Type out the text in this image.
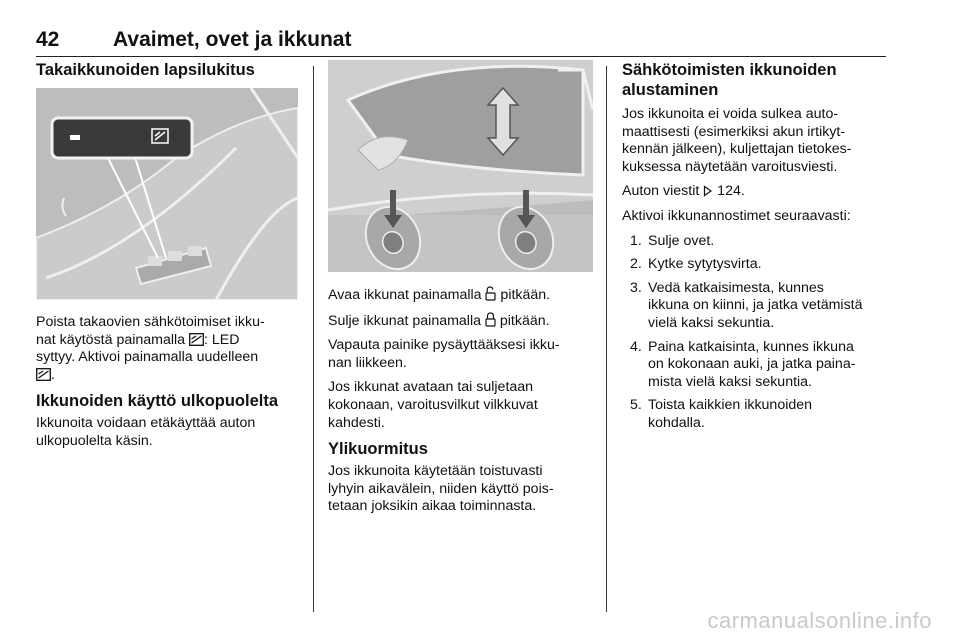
42	Avaimet, ovet ja ikkunat
Takaikkunoiden lapsilukitus

Poista takaovien sähkötoimiset ikku-
nat käytöstä painamalla : LED
syttyy. Aktivoi painamalla uudelleen
.

Ikkunoiden käyttö ulkopuolelta

Ikkunoita voidaan etäkäyttää auton
ulkopuolelta käsin.

Avaa ikkunat painamalla  pitkään.

Sulje ikkunat painamalla  pitkään.

Vapauta painike pysäyttääksesi ikku-
nan liikkeen.

Jos ikkunat avataan tai suljetaan
kokonaan, varoitusvilkut vilkkuvat
kahdesti.

Ylikuormitus

Jos ikkunoita käytetään toistuvasti
lyhyin aikavälein, niiden käyttö pois-
tetaan joksikin aikaa toiminnasta.

Sähkötoimisten ikkunoiden
alustaminen

Jos ikkunoita ei voida sulkea auto-
maattisesti (esimerkiksi akun irtikyt-
kennän jälkeen), kuljettajan tietokes-
kuksessa näytetään varoitusviesti.

Auton viestit  124.

Aktivoi ikkunannostimet seuraavasti:

1. Sulje ovet.
2. Kytke sytytysvirta.
3. Vedä katkaisimesta, kunnes
ikkuna on kiinni, ja jatka vetämistä
vielä kaksi sekuntia.
4. Paina katkaisinta, kunnes ikkuna
on kokonaan auki, ja jatka paina-
mista vielä kaksi sekuntia.
5. Toista kaikkien ikkunoiden
kohdalla.
carmanualsonline.info
